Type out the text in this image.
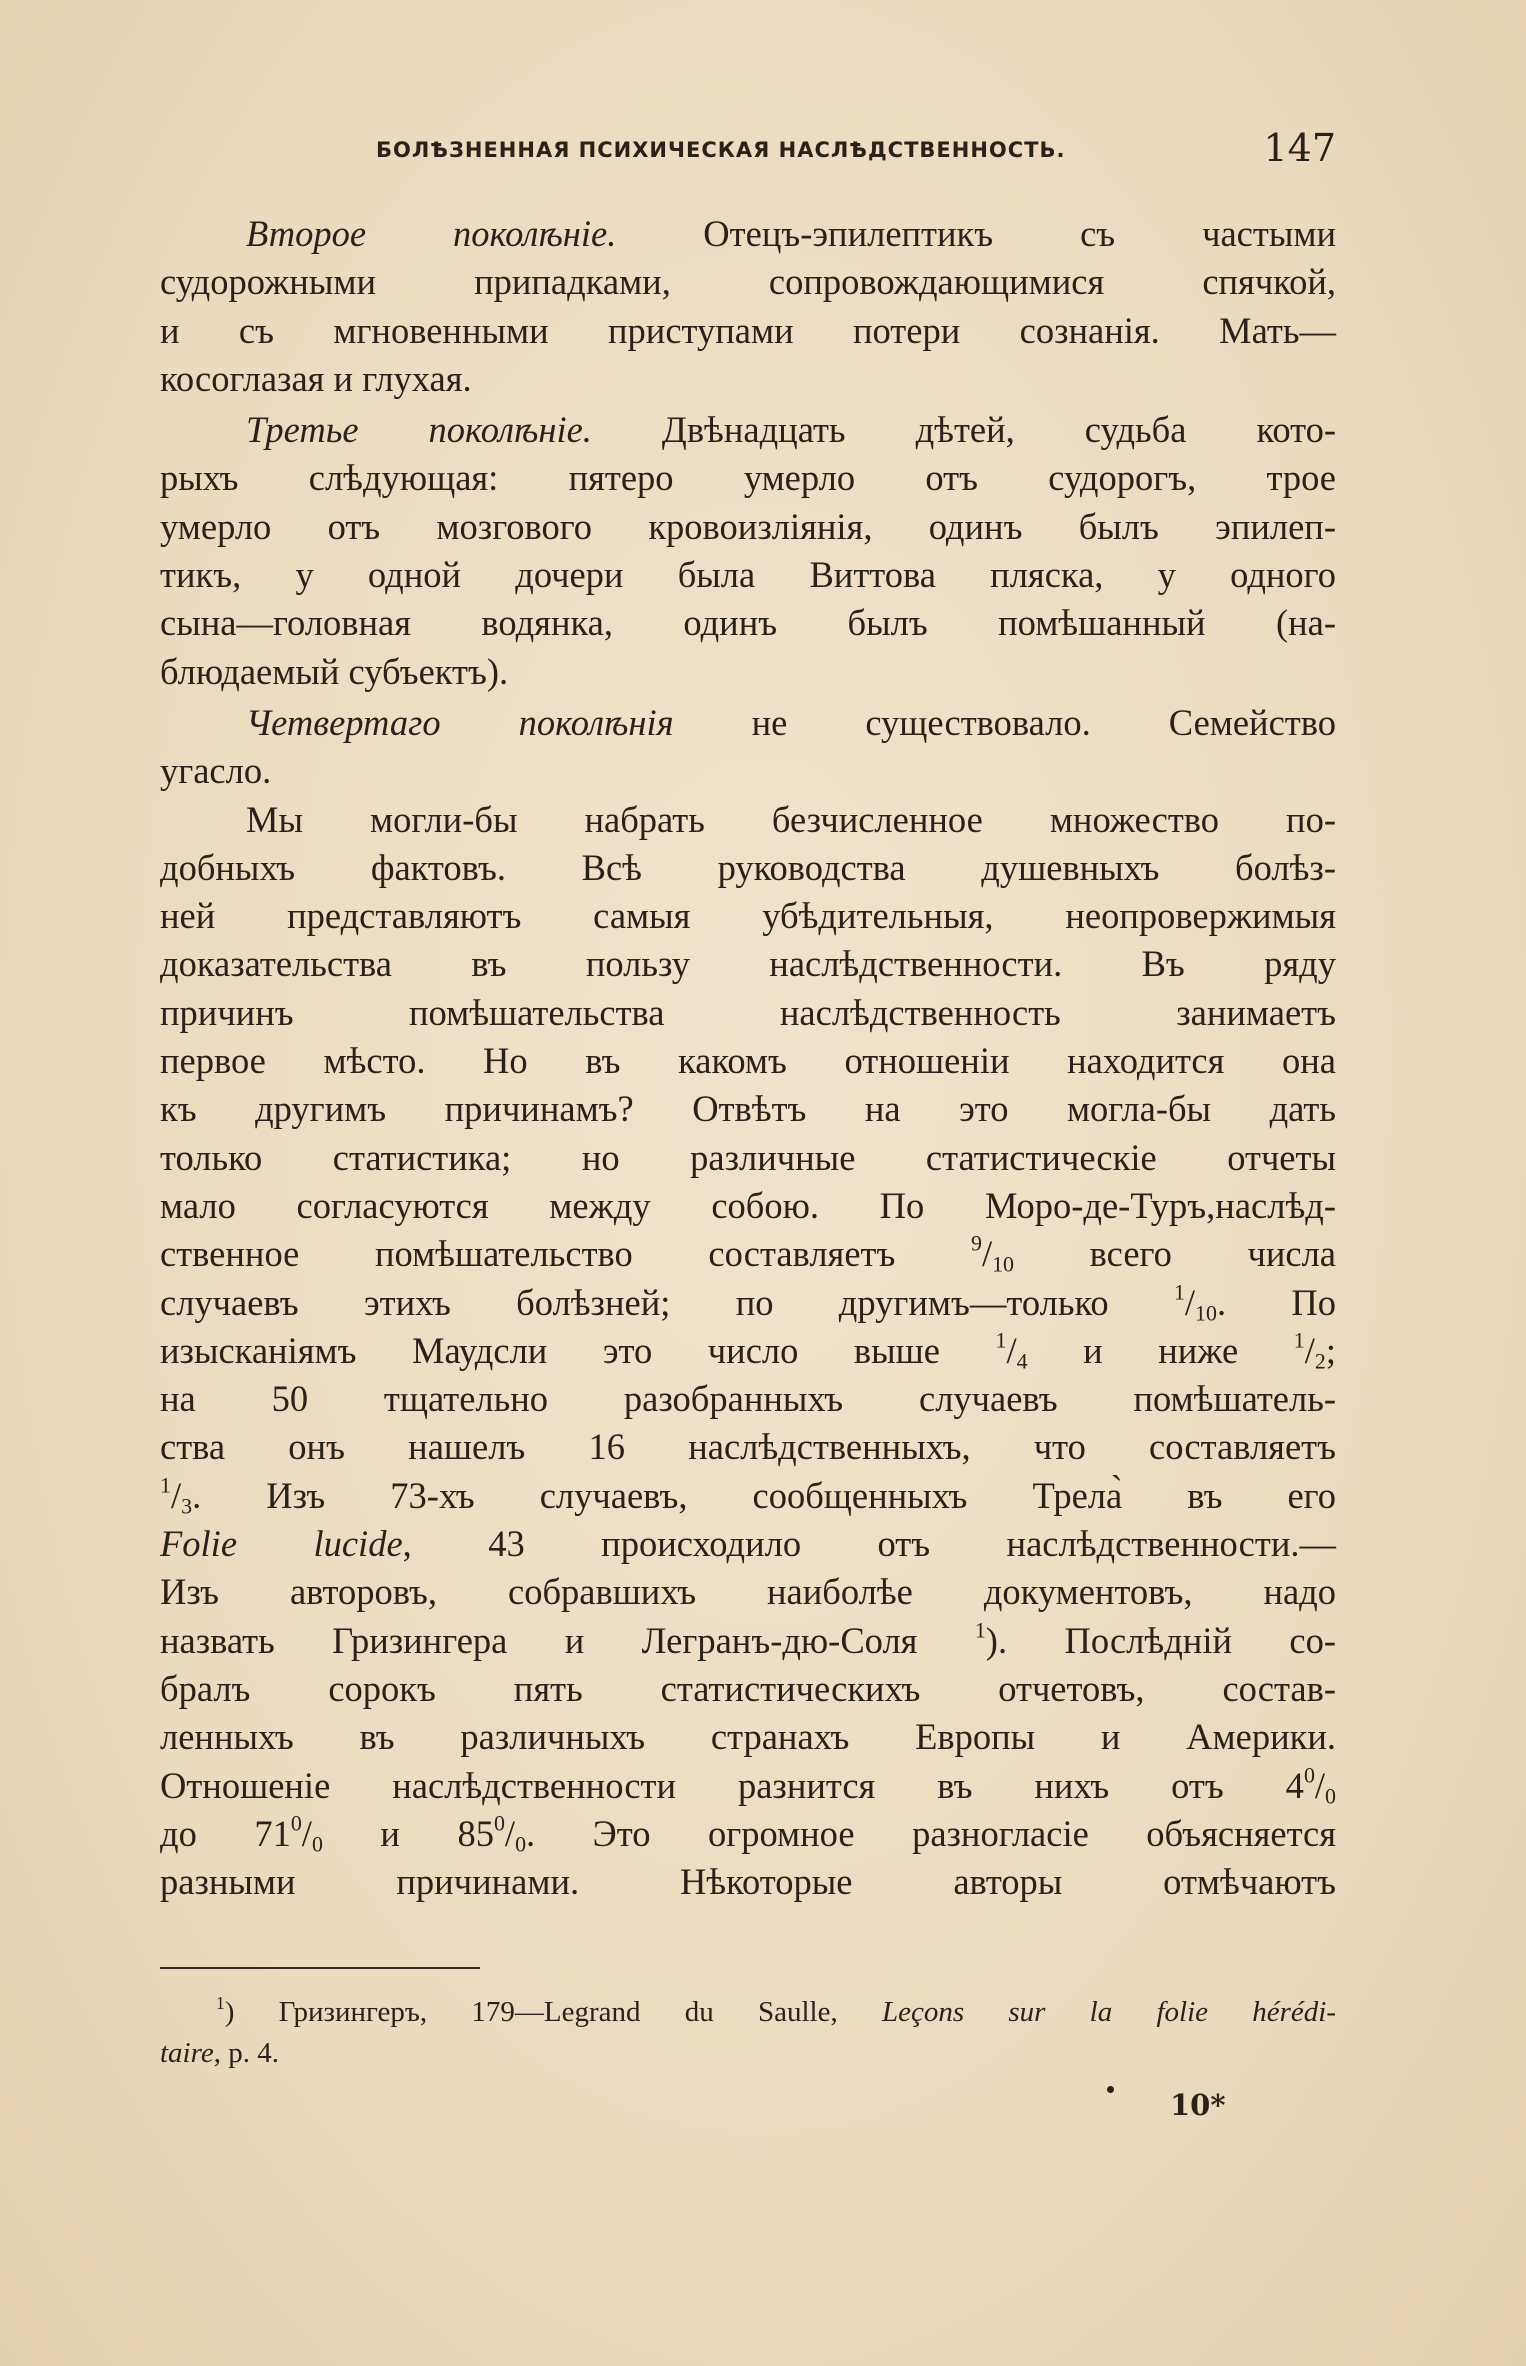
БОЛѢЗНЕННАЯ ПСИХИЧЕСКАЯ НАСЛѢДСТВЕННОСТЬ.	147
Второе поколѣніе. Отецъ-эпилептикъ съ частыми
судорожными припадками, сопровождающимися спячкой,
и съ мгновенными приступами потери сознанія. Мать—
косоглазая и глухая.
Третье поколѣніе. Двѣнадцать дѣтей, судьба кото-
рыхъ слѣдующая: пятеро умерло отъ судорогъ, трое
умерло отъ мозгового кровоизліянія, одинъ былъ эпилеп-
тикъ, у одной дочери была Виттова пляска, у одного
сына—головная водянка, одинъ былъ помѣшанный (на-
блюдаемый субъектъ).
Четвертаго поколѣнія не существовало. Семейство
угасло.
Мы могли-бы набрать безчисленное множество по-
добныхъ фактовъ. Всѣ руководства душевныхъ болѣз-
ней представляютъ самыя убѣдительныя, неопровержимыя
доказательства въ пользу наслѣдственности. Въ ряду
причинъ помѣшательства наслѣдственность занимаетъ
первое мѣсто. Но въ какомъ отношеніи находится она
къ другимъ причинамъ? Отвѣтъ на это могла-бы дать
только статистика; но различные статистическіе отчеты
мало согласуются между собою. По Моро-де-Туръ,наслѣд-
ственное помѣшательство составляетъ $^9/_{10}$ всего числа
случаевъ этихъ болѣзней; по другимъ—только $^1/_{10}$. По
изысканіямъ Маудсли это число выше $^1/_4$ и ниже $^1/_2$;
на 50 тщательно разобранныхъ случаевъ помѣшатель-
ства онъ нашелъ 16 наслѣдственныхъ, что составляетъ
$^1/_3$. Изъ 73-хъ случаевъ, сообщенныхъ Трела̀ въ его
Folie lucide, 43 происходило отъ наслѣдственности.—
Изъ авторовъ, собравшихъ наиболѣе документовъ, надо
назвать Гризингера и Легранъ-дю-Соля $^1$). Послѣдній со-
бралъ сорокъ пять статистическихъ отчетовъ, состав-
ленныхъ въ различныхъ странахъ Европы и Америки.
Отношеніе наслѣдственности разнится въ нихъ отъ $4^0/_0$
до $71^0/_0$ и $85^0/_0$. Это огромное разногласіе объясняется
разными причинами. Нѣкоторые авторы отмѣчаютъ
$^1$) Гризингеръ, 179—Legrand du Saulle, Leçons sur la folie hérédi-
taire, p. 4.
10*
